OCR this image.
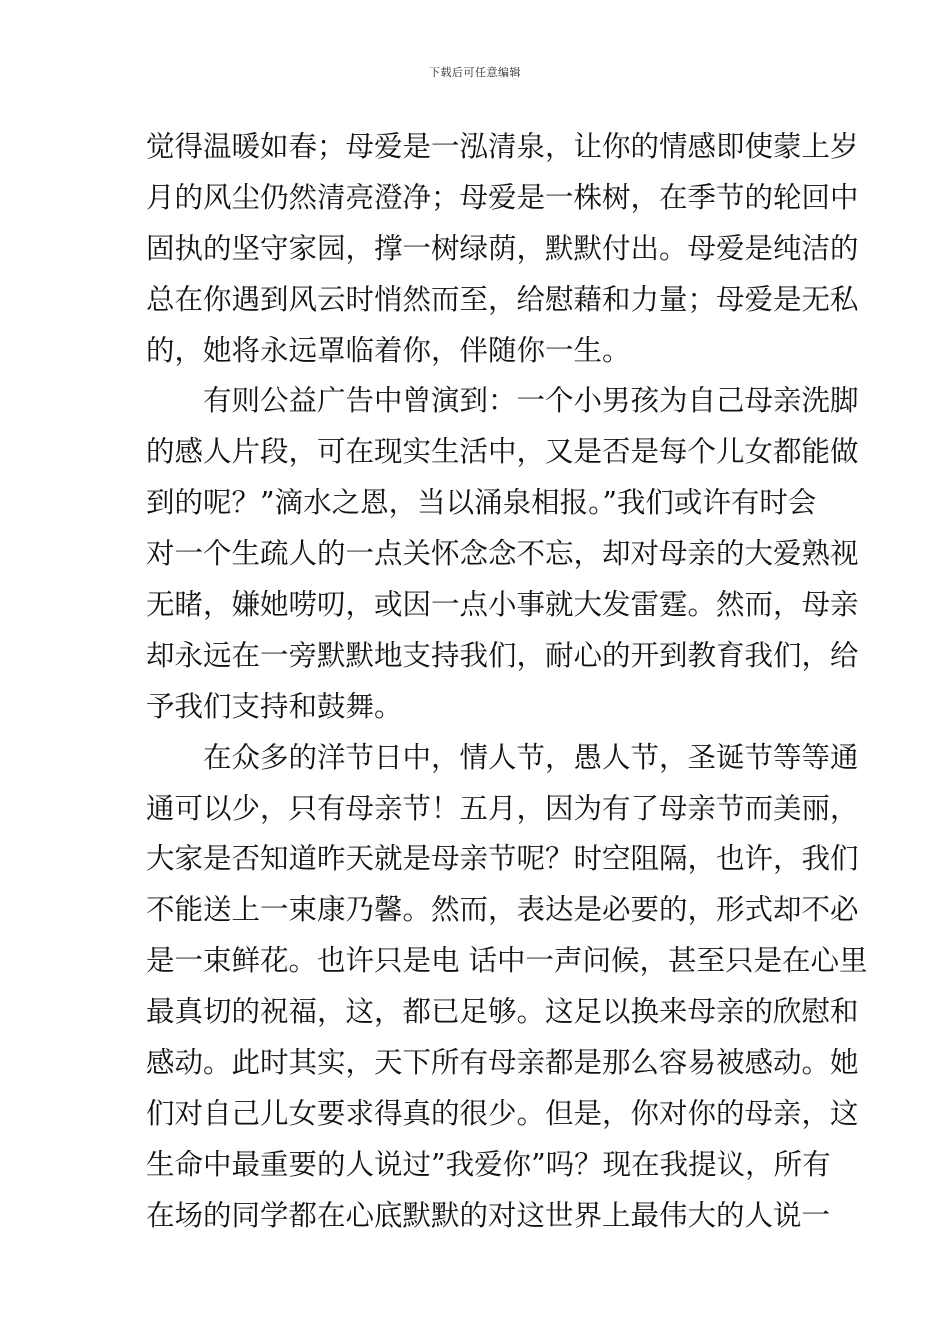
下载后可任意编辑
觉得温暖如春；母爱是一泓清泉，让你的情感即使蒙上岁
月的风尘仍然清亮澄净；母爱是一株树，在季节的轮回中
固执的坚守家园，撑一树绿荫，默默付出。母爱是纯洁的
总在你遇到风云时悄然而至，给慰藉和力量；母爱是无私
的，她将永远罩临着你，伴随你一生。
　　有则公益广告中曾演到：一个小男孩为自己母亲洗脚
的感人片段，可在现实生活中，又是否是每个儿女都能做
到的呢？”滴水之恩，当以涌泉相报。”我们或许有时会
对一个生疏人的一点关怀念念不忘，却对母亲的大爱熟视
无睹，嫌她唠叨，或因一点小事就大发雷霆。然而，母亲
却永远在一旁默默地支持我们，耐心的开到教育我们，给
予我们支持和鼓舞。
　　在众多的洋节日中，情人节，愚人节，圣诞节等等通
通可以少，只有母亲节！五月，因为有了母亲节而美丽，
大家是否知道昨天就是母亲节呢？时空阻隔，也许，我们
不能送上一束康乃馨。然而，表达是必要的，形式却不必
是一束鲜花。也许只是电 话中一声问候，甚至只是在心里
最真切的祝福，这，都已足够。这足以换来母亲的欣慰和
感动。此时其实，天下所有母亲都是那么容易被感动。她
们对自己儿女要求得真的很少。但是，你对你的母亲，这
生命中最重要的人说过”我爱你”吗？现在我提议，所有
在场的同学都在心底默默的对这世界上最伟大的人说一
